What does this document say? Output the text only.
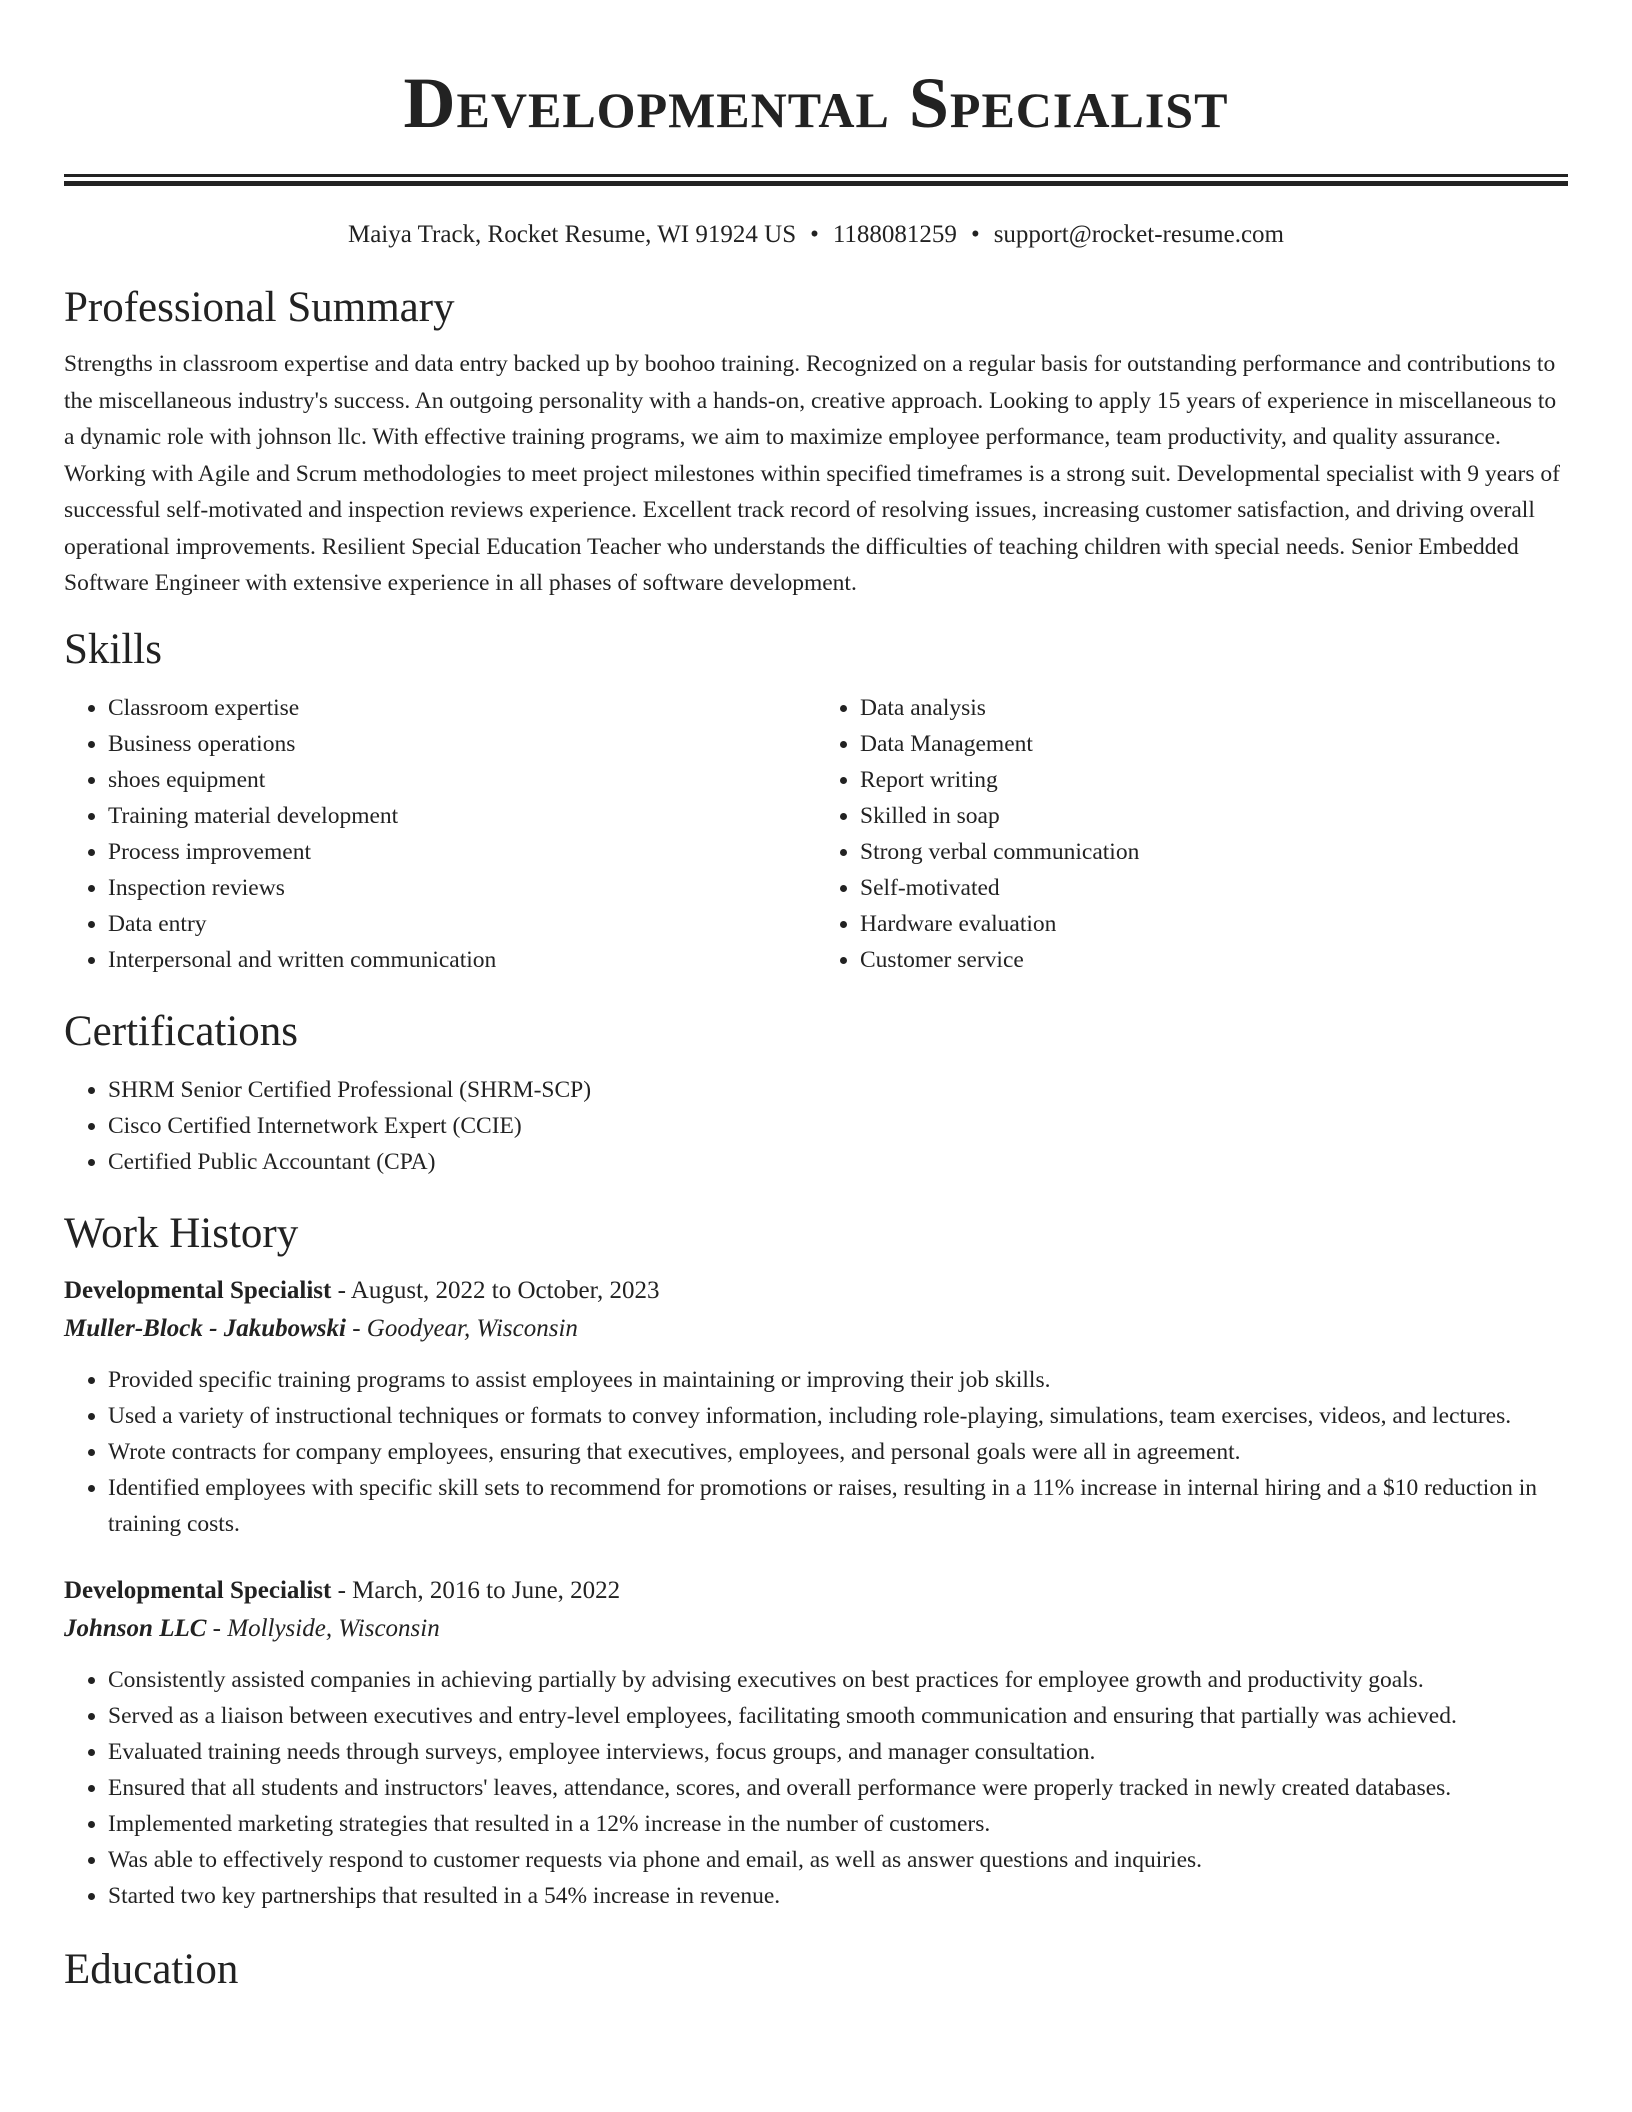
Developmental Specialist
Maiya Track, Rocket Resume, WI 91924 US • 1188081259 • support@rocket-resume.com
Professional Summary

Strengths in classroom expertise and data entry backed up by boohoo training. Recognized on a regular basis for outstanding performance and contributions to the miscellaneous industry's success. An outgoing personality with a hands-on, creative approach. Looking to apply 15 years of experience in miscellaneous to a dynamic role with johnson llc. With effective training programs, we aim to maximize employee performance, team productivity, and quality assurance. Working with Agile and Scrum methodologies to meet project milestones within specified timeframes is a strong suit. Developmental specialist with 9 years of successful self-motivated and inspection reviews experience. Excellent track record of resolving issues, increasing customer satisfaction, and driving overall operational improvements. Resilient Special Education Teacher who understands the difficulties of teaching children with special needs. Senior Embedded Software Engineer with extensive experience in all phases of software development.

Skills
• Classroom expertise
• Business operations
• shoes equipment
• Training material development
• Process improvement
• Inspection reviews
• Data entry
• Interpersonal and written communication
• Data analysis
• Data Management
• Report writing
• Skilled in soap
• Strong verbal communication
• Self-motivated
• Hardware evaluation
• Customer service
Certifications
• SHRM Senior Certified Professional (SHRM-SCP)
• Cisco Certified Internetwork Expert (CCIE)
• Certified Public Accountant (CPA)
Work History
Developmental Specialist - August, 2022 to October, 2023
Muller-Block - Jakubowski - Goodyear, Wisconsin
• Provided specific training programs to assist employees in maintaining or improving their job skills.
• Used a variety of instructional techniques or formats to convey information, including role-playing, simulations, team exercises, videos, and lectures.
• Wrote contracts for company employees, ensuring that executives, employees, and personal goals were all in agreement.
• Identified employees with specific skill sets to recommend for promotions or raises, resulting in a 11% increase in internal hiring and a $10 reduction in training costs.
Developmental Specialist - March, 2016 to June, 2022
Johnson LLC - Mollyside, Wisconsin
• Consistently assisted companies in achieving partially by advising executives on best practices for employee growth and productivity goals.
• Served as a liaison between executives and entry-level employees, facilitating smooth communication and ensuring that partially was achieved.
• Evaluated training needs through surveys, employee interviews, focus groups, and manager consultation.
• Ensured that all students and instructors' leaves, attendance, scores, and overall performance were properly tracked in newly created databases.
• Implemented marketing strategies that resulted in a 12% increase in the number of customers.
• Was able to effectively respond to customer requests via phone and email, as well as answer questions and inquiries.
• Started two key partnerships that resulted in a 54% increase in revenue.
Education
